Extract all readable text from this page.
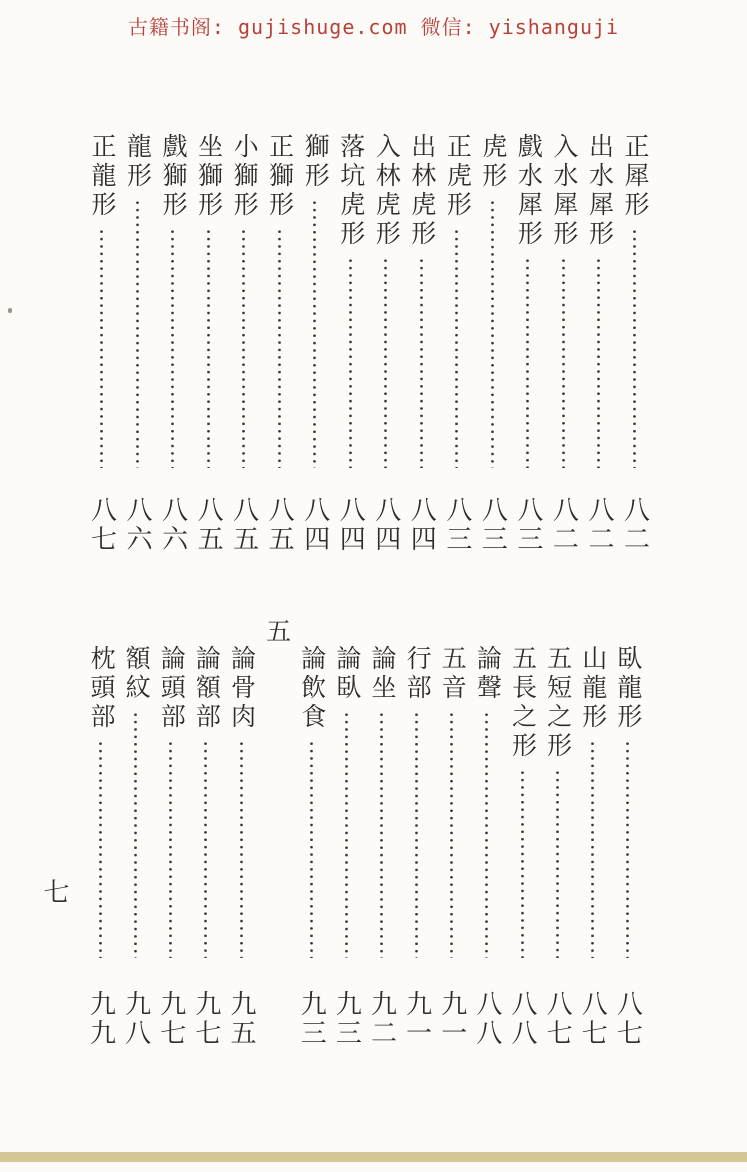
古籍书阁: gujishuge.com 微信: yishanguji
正犀形
八二
出水犀形
八二
入水犀形
八二
戲水犀形
八三
虎形
八三
正虎形
八三
出林虎形
八四
入林虎形
八四
落坑虎形
八四
獅形
八四
正獅形
八五
小獅形
八五
坐獅形
八五
戲獅形
八六
龍形
八六
正龍形
八七
臥龍形
八七
山龍形
八七
五短之形
八七
五長之形
八八
論聲
八八
五音
九一
行部
九一
論坐
九二
論臥
九三
論飲食
九三
五
論骨肉
九五
論額部
九七
論頭部
九七
額紋
九八
枕頭部
九九
七
